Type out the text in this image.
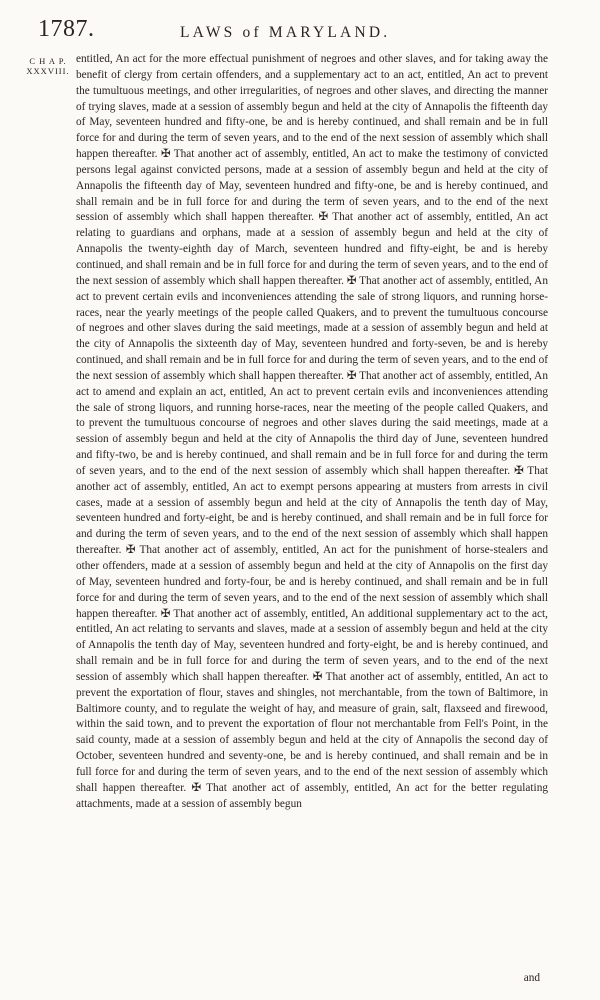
1787.	LAWS of MARYLAND.
C H A P.
XXXVIII.
entitled, An act for the more effectual punishment of negroes and other slaves, and for taking away the benefit of clergy from certain offenders, and a supplementary act to an act, entitled, An act to prevent the tumultuous meetings, and other irregularities, of negroes and other slaves, and directing the manner of trying slaves, made at a session of assembly begun and held at the city of Annapolis the fifteenth day of May, seventeen hundred and fifty-one, be and is hereby continued, and shall remain and be in full force for and during the term of seven years, and to the end of the next session of assembly which shall happen thereafter. ✠ That another act of assembly, entitled, An act to make the testimony of convicted persons legal against convicted persons, made at a session of assembly begun and held at the city of Annapolis the fifteenth day of May, seventeen hundred and fifty-one, be and is hereby continued, and shall remain and be in full force for and during the term of seven years, and to the end of the next session of assembly which shall happen thereafter. ✠ That another act of assembly, entitled, An act relating to guardians and orphans, made at a session of assembly begun and held at the city of Annapolis the twenty-eighth day of March, seventeen hundred and fifty-eight, be and is hereby continued, and shall remain and be in full force for and during the term of seven years, and to the end of the next session of assembly which shall happen thereafter. ✠ That another act of assembly, entitled, An act to prevent certain evils and inconveniences attending the sale of strong liquors, and running horse-races, near the yearly meetings of the people called Quakers, and to prevent the tumultuous concourse of negroes and other slaves during the said meetings, made at a session of assembly begun and held at the city of Annapolis the sixteenth day of May, seventeen hundred and forty-seven, be and is hereby continued, and shall remain and be in full force for and during the term of seven years, and to the end of the next session of assembly which shall happen thereafter. ✠ That another act of assembly, entitled, An act to amend and explain an act, entitled, An act to prevent certain evils and inconveniences attending the sale of strong liquors, and running horse-races, near the meeting of the people called Quakers, and to prevent the tumultuous concourse of negroes and other slaves during the said meetings, made at a session of assembly begun and held at the city of Annapolis the third day of June, seventeen hundred and fifty-two, be and is hereby continued, and shall remain and be in full force for and during the term of seven years, and to the end of the next session of assembly which shall happen thereafter. ✠ That another act of assembly, entitled, An act to exempt persons appearing at musters from arrests in civil cases, made at a session of assembly begun and held at the city of Annapolis the tenth day of May, seventeen hundred and forty-eight, be and is hereby continued, and shall remain and be in full force for and during the term of seven years, and to the end of the next session of assembly which shall happen thereafter. ✠ That another act of assembly, entitled, An act for the punishment of horse-stealers and other offenders, made at a session of assembly begun and held at the city of Annapolis on the first day of May, seventeen hundred and forty-four, be and is hereby continued, and shall remain and be in full force for and during the term of seven years, and to the end of the next session of assembly which shall happen thereafter. ✠ That another act of assembly, entitled, An additional supplementary act to the act, entitled, An act relating to servants and slaves, made at a session of assembly begun and held at the city of Annapolis the tenth day of May, seventeen hundred and forty-eight, be and is hereby continued, and shall remain and be in full force for and during the term of seven years, and to the end of the next session of assembly which shall happen thereafter. ✠ That another act of assembly, entitled, An act to prevent the exportation of flour, staves and shingles, not merchantable, from the town of Baltimore, in Baltimore county, and to regulate the weight of hay, and measure of grain, salt, flaxseed and firewood, within the said town, and to prevent the exportation of flour not merchantable from Fell's Point, in the said county, made at a session of assembly begun and held at the city of Annapolis the second day of October, seventeen hundred and seventy-one, be and is hereby continued, and shall remain and be in full force for and during the term of seven years, and to the end of the next session of assembly which shall happen thereafter. ✠ That another act of assembly, entitled, An act for the better regulating attachments, made at a session of assembly begun
and
